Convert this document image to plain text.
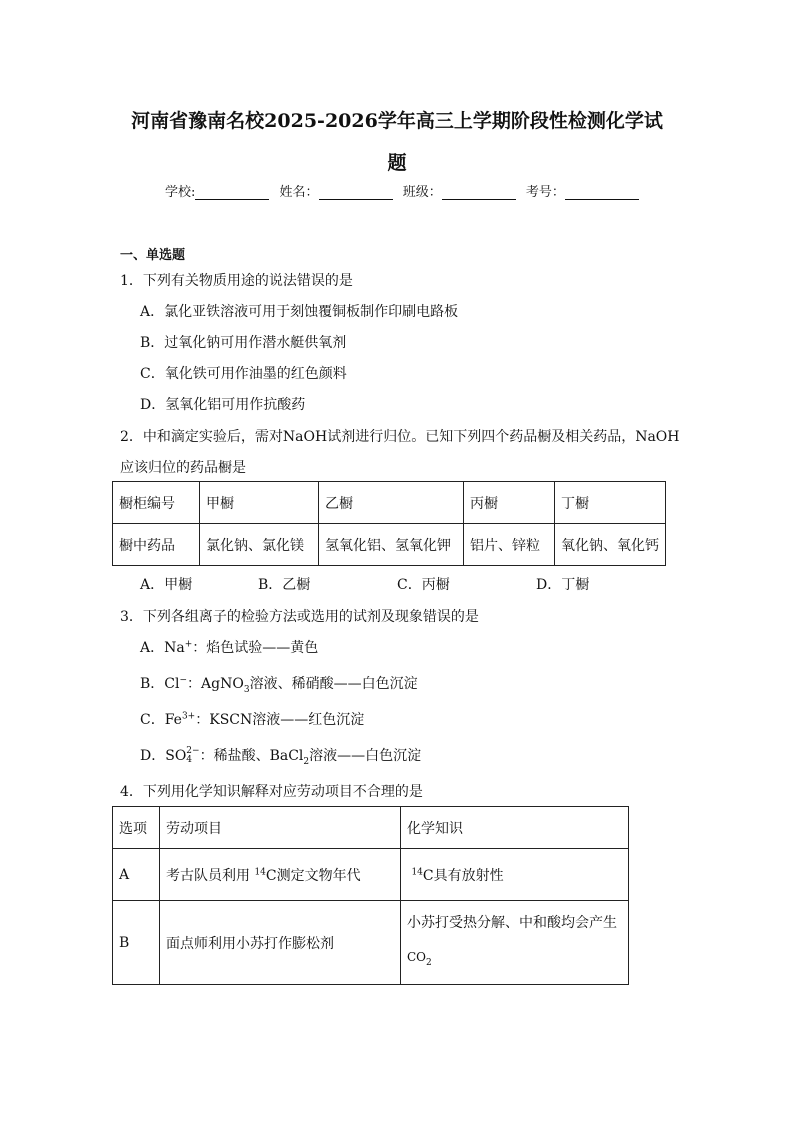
河南省豫南名校2025-2026学年高三上学期阶段性检测化学试
题
学校:	姓名：	班级：	考号：
一、单选题
1．下列有关物质用途的说法错误的是
A．氯化亚铁溶液可用于刻蚀覆铜板制作印刷电路板
B．过氧化钠可用作潜水艇供氧剂
C．氧化铁可用作油墨的红色颜料
D．氢氧化铝可用作抗酸药
2．中和滴定实验后，需对NaOH试剂进行归位。已知下列四个药品橱及相关药品，NaOH
应该归位的药品橱是
橱柜编号	甲橱	乙橱	丙橱	丁橱
橱中药品	氯化钠、氯化镁	氢氧化铝、氢氧化钾	铝片、锌粒	氧化钠、氧化钙
A．甲橱	B．乙橱	C．丙橱	D．丁橱
3．下列各组离子的检验方法或选用的试剂及现象错误的是
A．Na+：焰色试验——黄色
B．Cl−：AgNO$_3$溶液、稀硝酸——白色沉淀
C．$Fe^{3+}$：KSCN溶液——红色沉淀
D．SO2−
4 ：稀盐酸、BaCl$_2$溶液——白色沉淀
4．下列用化学知识解释对应劳动项目不合理的是
选项	劳动项目	化学知识
A	考古队员利用 $^{14}$C测定文物年代	$^{14}$C具有放射性
B	面点师利用小苏打作膨松剂	小苏打受热分解、中和酸均会产生
$CO_2$
